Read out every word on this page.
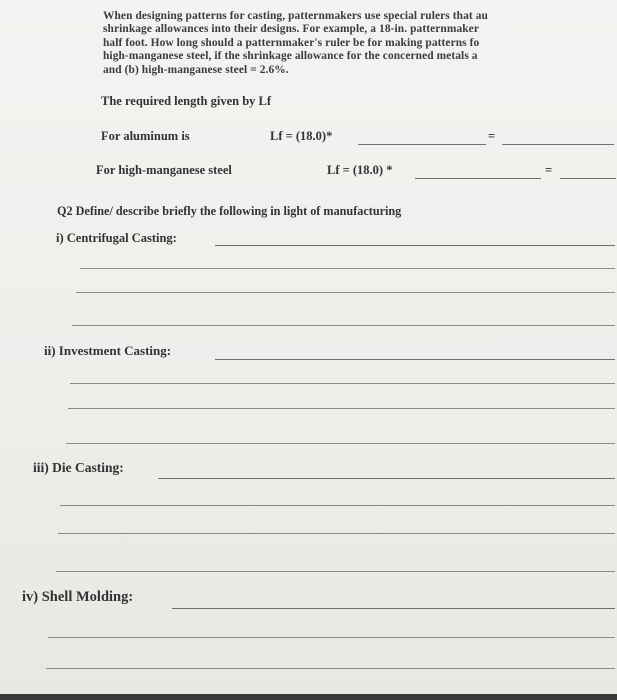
When designing patterns for casting, patternmakers use special rulers that au
shrinkage allowances into their designs. For example, a 18-in. patternmaker
half foot. How long should a patternmaker's ruler be for making patterns fo
high-manganese steel, if the shrinkage allowance for the concerned metals a
and (b) high-manganese steel = 2.6%.
The required length given by Lf
For aluminum is	Lf = (18.0)*	=
For high-manganese steel	Lf = (18.0) *	=
Q2 Define/ describe briefly the following in light of manufacturing
i) Centrifugal Casting:
ii) Investment Casting:
iii) Die Casting:
iv) Shell Molding:
